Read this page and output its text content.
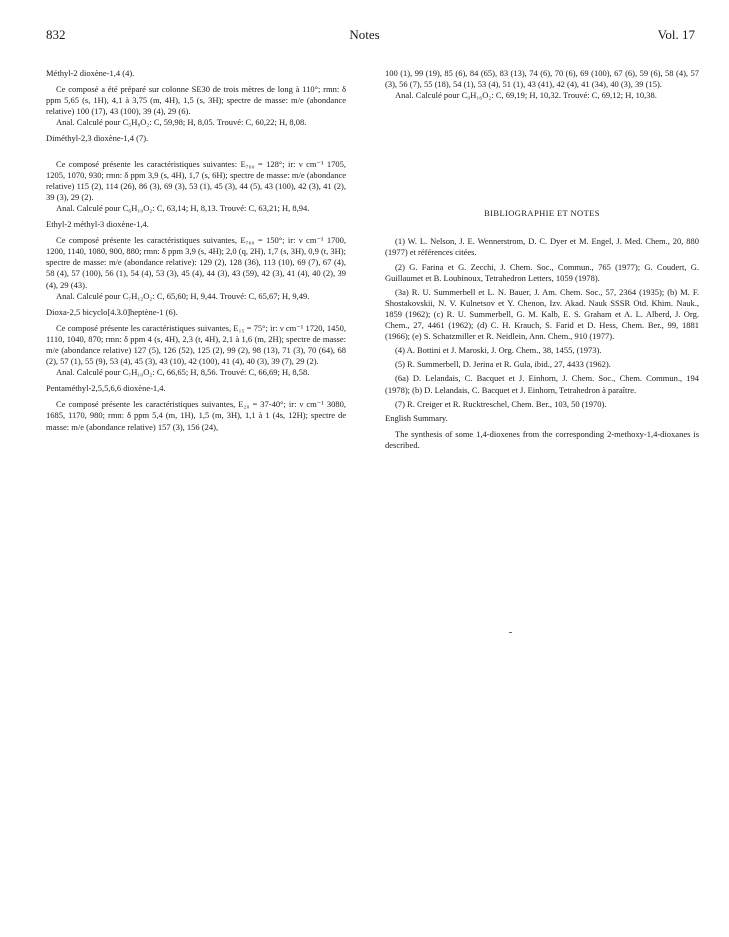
832	Notes	Vol. 17

Méthyl-2 dioxène-1,4 (4).

Ce composé a été préparé sur colonne SE30 de trois mètres de long à 110°; rmn: δ ppm 5,65 (s, 1H), 4,1 à 3,75 (m, 4H), 1,5 (s, 3H); spectre de masse: m/e (abondance relative) 100 (17), 43 (100), 39 (4), 29 (6).

Anal. Calculé pour C₅H₈O₂: C, 59,98; H, 8,05. Trouvé: C, 60,22; H, 8,08.

Diméthyl-2,3 dioxène-1,4 (7).

Ce composé présente les caractéristiques suivantes: E₇₆₀ = 128°; ir: ν cm⁻¹ 1705, 1205, 1070, 930; rmn: δ ppm 3,9 (s, 4H), 1,7 (s, 6H); spectre de masse: m/e (abondance relative) 115 (2), 114 (26), 86 (3), 69 (3), 53 (1), 45 (3), 44 (5), 43 (100), 42 (3), 41 (2), 39 (3), 29 (2).

Anal. Calculé pour C₆H₁₀O₂: C, 63,14; H, 8,13. Trouvé: C, 63,21; H, 8,94.

Ethyl-2 méthyl-3 dioxène-1,4.

Ce composé présente les caractéristiques suivantes, E₇₆₀ = 150°; ir: ν cm⁻¹ 1700, 1200, 1140, 1080, 900, 880; rmn: δ ppm 3,9 (s, 4H); 2,0 (q, 2H), 1,7 (s, 3H), 0,9 (t, 3H); spectre de masse: m/e (abondance relative): 129 (2), 128 (36), 113 (10), 69 (7), 67 (4), 58 (4), 57 (100), 56 (1), 54 (4), 53 (3), 45 (4), 44 (3), 43 (59), 42 (3), 41 (4), 40 (2), 39 (4), 29 (43).

Anal. Calculé pour C₇H₁₂O₂: C, 65,60; H, 9,44. Trouvé: C, 65,67; H, 9,49.

Dioxa-2,5 bicyclo[4.3.0]heptène-1 (6).

Ce composé présente les caractéristiques suivantes, E₁₅ = 75°; ir: ν cm⁻¹ 1720, 1450, 1110, 1040, 870; rmn: δ ppm 4 (s, 4H), 2,3 (t, 4H), 2,1 à 1,6 (m, 2H); spectre de masse: m/e (abondance relative) 127 (5), 126 (52), 125 (2), 99 (2), 98 (13), 71 (3), 70 (64), 68 (2), 57 (1), 55 (9), 53 (4), 45 (3), 43 (10), 42 (100), 41 (4), 40 (3), 39 (7), 29 (2).

Anal. Calculé pour C₇H₁₀O₂: C, 66,65; H, 8,56. Trouvé: C, 66,69; H, 8,58.

Pentaméthyl-2,5,5,6,6 dioxène-1,4.

Ce composé présente les caractéristiques suivantes, E₂₀ = 37-40°; ir: ν cm⁻¹ 3080, 1685, 1170, 980; rmn: δ ppm 5,4 (m, 1H), 1,5 (m, 3H), 1,1 à 1 (4s, 12H); spectre de masse: m/e (abondance relative) 157 (3), 156 (24),

100 (1), 99 (19), 85 (6), 84 (65), 83 (13), 74 (6), 70 (6), 69 (100), 67 (6), 59 (6), 58 (4), 57 (3), 56 (7), 55 (18), 54 (1), 53 (4), 51 (1), 43 (41), 42 (4), 41 (34), 40 (3), 39 (15).

Anal. Calculé pour C₉H₁₆O₂: C, 69,19; H, 10,32. Trouvé: C, 69,12; H, 10,38.

BIBLIOGRAPHIE ET NOTES

(1) W. L. Nelson, J. E. Wennerstrom, D. C. Dyer et M. Engel, J. Med. Chem., 20, 880 (1977) et références citées.

(2) G. Farina et G. Zecchi, J. Chem. Soc., Commun., 765 (1977); G. Coudert, G. Guillaumet et B. Loubinoux, Tetrahedron Letters, 1059 (1978).

(3a) R. U. Summerbell et L. N. Bauer, J. Am. Chem. Soc., 57, 2364 (1935); (b) M. F. Shostakovskii, N. V. Kulnetsov et Y. Chenon, Izv. Akad. Nauk SSSR Otd. Khim. Nauk., 1859 (1962); (c) R. U. Summerbell, G. M. Kalb, E. S. Graham et A. L. Alberd, J. Org. Chem., 27, 4461 (1962); (d) C. H. Krauch, S. Farid et D. Hess, Chem. Ber., 99, 1881 (1966); (e) S. Schatzmiller et R. Neidlein, Ann. Chem., 910 (1977).

(4) A. Bottini et J. Maroski, J. Org. Chem., 38, 1455, (1973).

(5) R. Summerbell, D. Jerina et R. Gula, ibid., 27, 4433 (1962).

(6a) D. Lelandais, C. Bacquet et J. Einhorn, J. Chem. Soc., Chem. Commun., 194 (1978); (b) D. Lelandais, C. Bacquet et J. Einhorn, Tetrahedron à paraître.

(7) R. Creiger et R. Rucktreschel, Chem. Ber., 103, 50 (1970).

English Summary.

The synthesis of some 1,4-dioxenes from the corresponding 2-methoxy-1,4-dioxanes is described.
